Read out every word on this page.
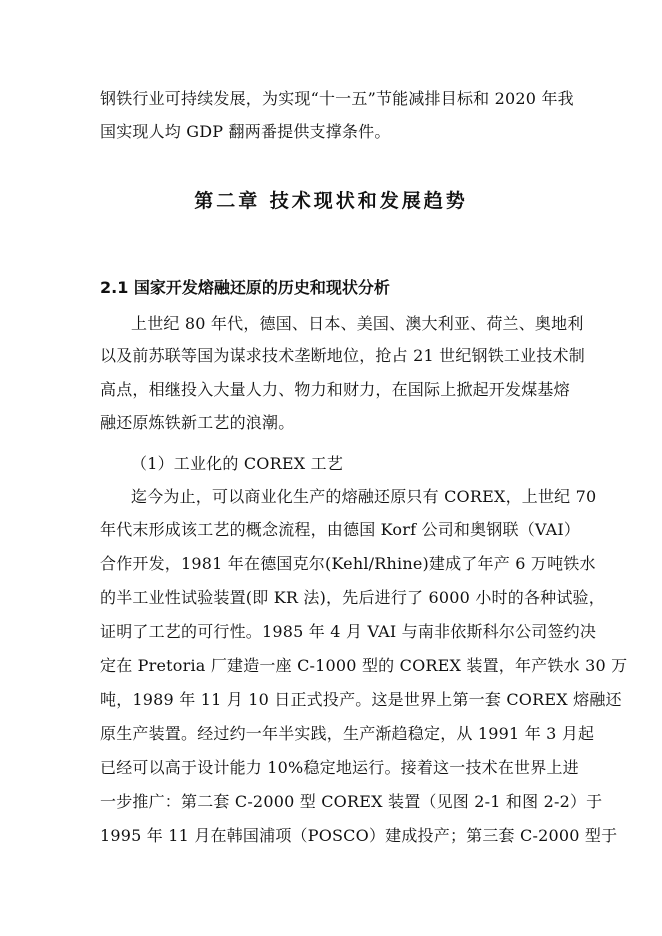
钢铁行业可持续发展，为实现“十一五”节能减排目标和 2020 年我
国实现人均 GDP 翻两番提供支撑条件。
第二章 技术现状和发展趋势
2.1 国家开发熔融还原的历史和现状分析
上世纪 80 年代，德国、日本、美国、澳大利亚、荷兰、奥地利
以及前苏联等国为谋求技术垄断地位，抢占 21 世纪钢铁工业技术制
高点，相继投入大量人力、物力和财力，在国际上掀起开发煤基熔
融还原炼铁新工艺的浪潮。
（1）工业化的 COREX 工艺
迄今为止，可以商业化生产的熔融还原只有 COREX，上世纪 70
年代末形成该工艺的概念流程，由德国 Korf 公司和奥钢联（VAI）
合作开发，1981 年在德国克尔(Kehl/Rhine)建成了年产 6 万吨铁水
的半工业性试验装置(即 KR 法)，先后进行了 6000 小时的各种试验，
证明了工艺的可行性。1985 年 4 月 VAI 与南非依斯科尔公司签约决
定在 Pretoria 厂建造一座 C-1000 型的 COREX 装置，年产铁水 30 万
吨，1989 年 11 月 10 日正式投产。这是世界上第一套 COREX 熔融还
原生产装置。经过约一年半实践，生产渐趋稳定，从 1991 年 3 月起
已经可以高于设计能力 10%稳定地运行。接着这一技术在世界上进
一步推广：第二套 C-2000 型 COREX 装置（见图 2-1 和图 2-2）于
1995 年 11 月在韩国浦项（POSCO）建成投产；第三套 C-2000 型于
